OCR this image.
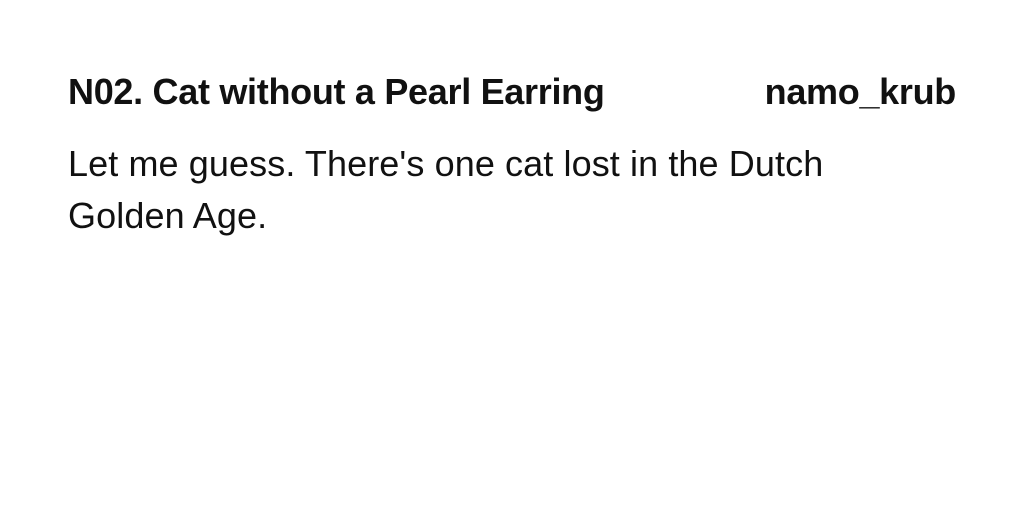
N02. Cat without a Pearl Earring	namo_krub
Let me guess. There's one cat lost in the Dutch Golden Age.
